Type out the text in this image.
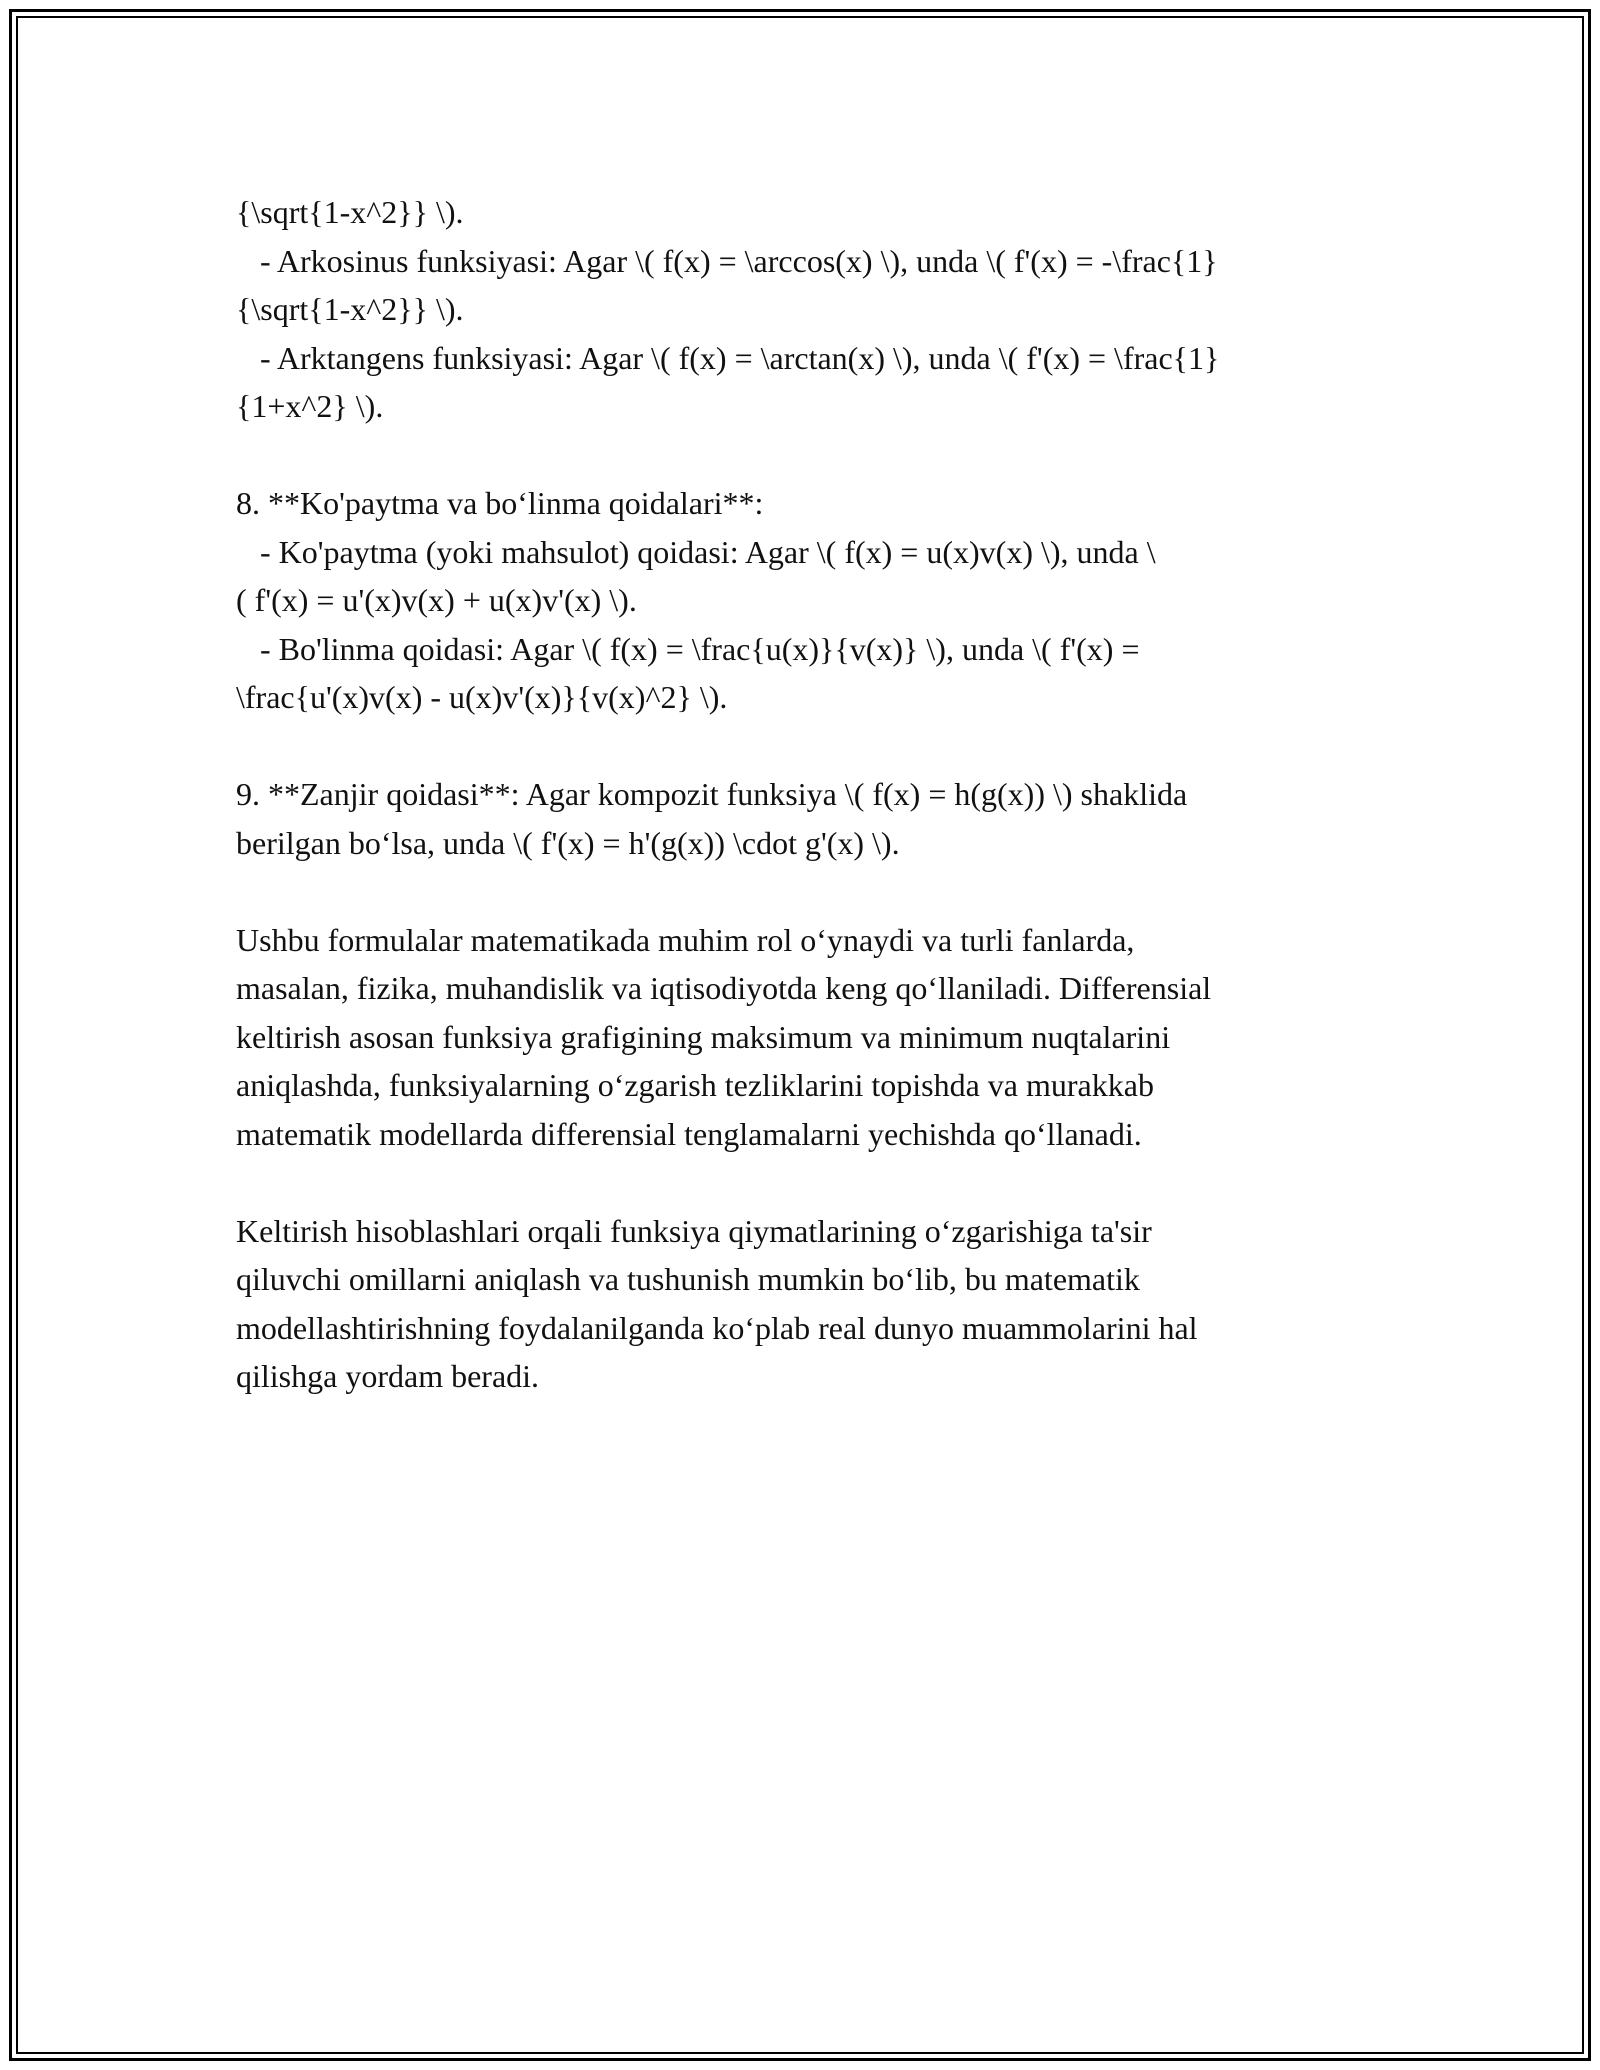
{\sqrt{1-x^2}} \).
- Arkosinus funksiyasi: Agar \( f(x) = \arccos(x) \), unda \( f'(x) = -\frac{1}
{\sqrt{1-x^2}} \).
- Arktangens funksiyasi: Agar \( f(x) = \arctan(x) \), unda \( f'(x) = \frac{1}
{1+x^2} \).
8. **Ko'paytma va bo‘linma qoidalari**:
- Ko'paytma (yoki mahsulot) qoidasi: Agar \( f(x) = u(x)v(x) \), unda \
( f'(x) = u'(x)v(x) + u(x)v'(x) \).
- Bo'linma qoidasi: Agar \( f(x) = \frac{u(x)}{v(x)} \), unda \( f'(x) =
\frac{u'(x)v(x) - u(x)v'(x)}{v(x)^2} \).
9. **Zanjir qoidasi**: Agar kompozit funksiya \( f(x) = h(g(x)) \) shaklida
berilgan bo‘lsa, unda \( f'(x) = h'(g(x)) \cdot g'(x) \).
Ushbu formulalar matematikada muhim rol o‘ynaydi va turli fanlarda,
masalan, fizika, muhandislik va iqtisodiyotda keng qo‘llaniladi. Differensial
keltirish asosan funksiya grafigining maksimum va minimum nuqtalarini
aniqlashda, funksiyalarning o‘zgarish tezliklarini topishda va murakkab
matematik modellarda differensial tenglamalarni yechishda qo‘llanadi.
Keltirish hisoblashlari orqali funksiya qiymatlarining o‘zgarishiga ta'sir
qiluvchi omillarni aniqlash va tushunish mumkin bo‘lib, bu matematik
modellashtirishning foydalanilganda ko‘plab real dunyo muammolarini hal
qilishga yordam beradi.
